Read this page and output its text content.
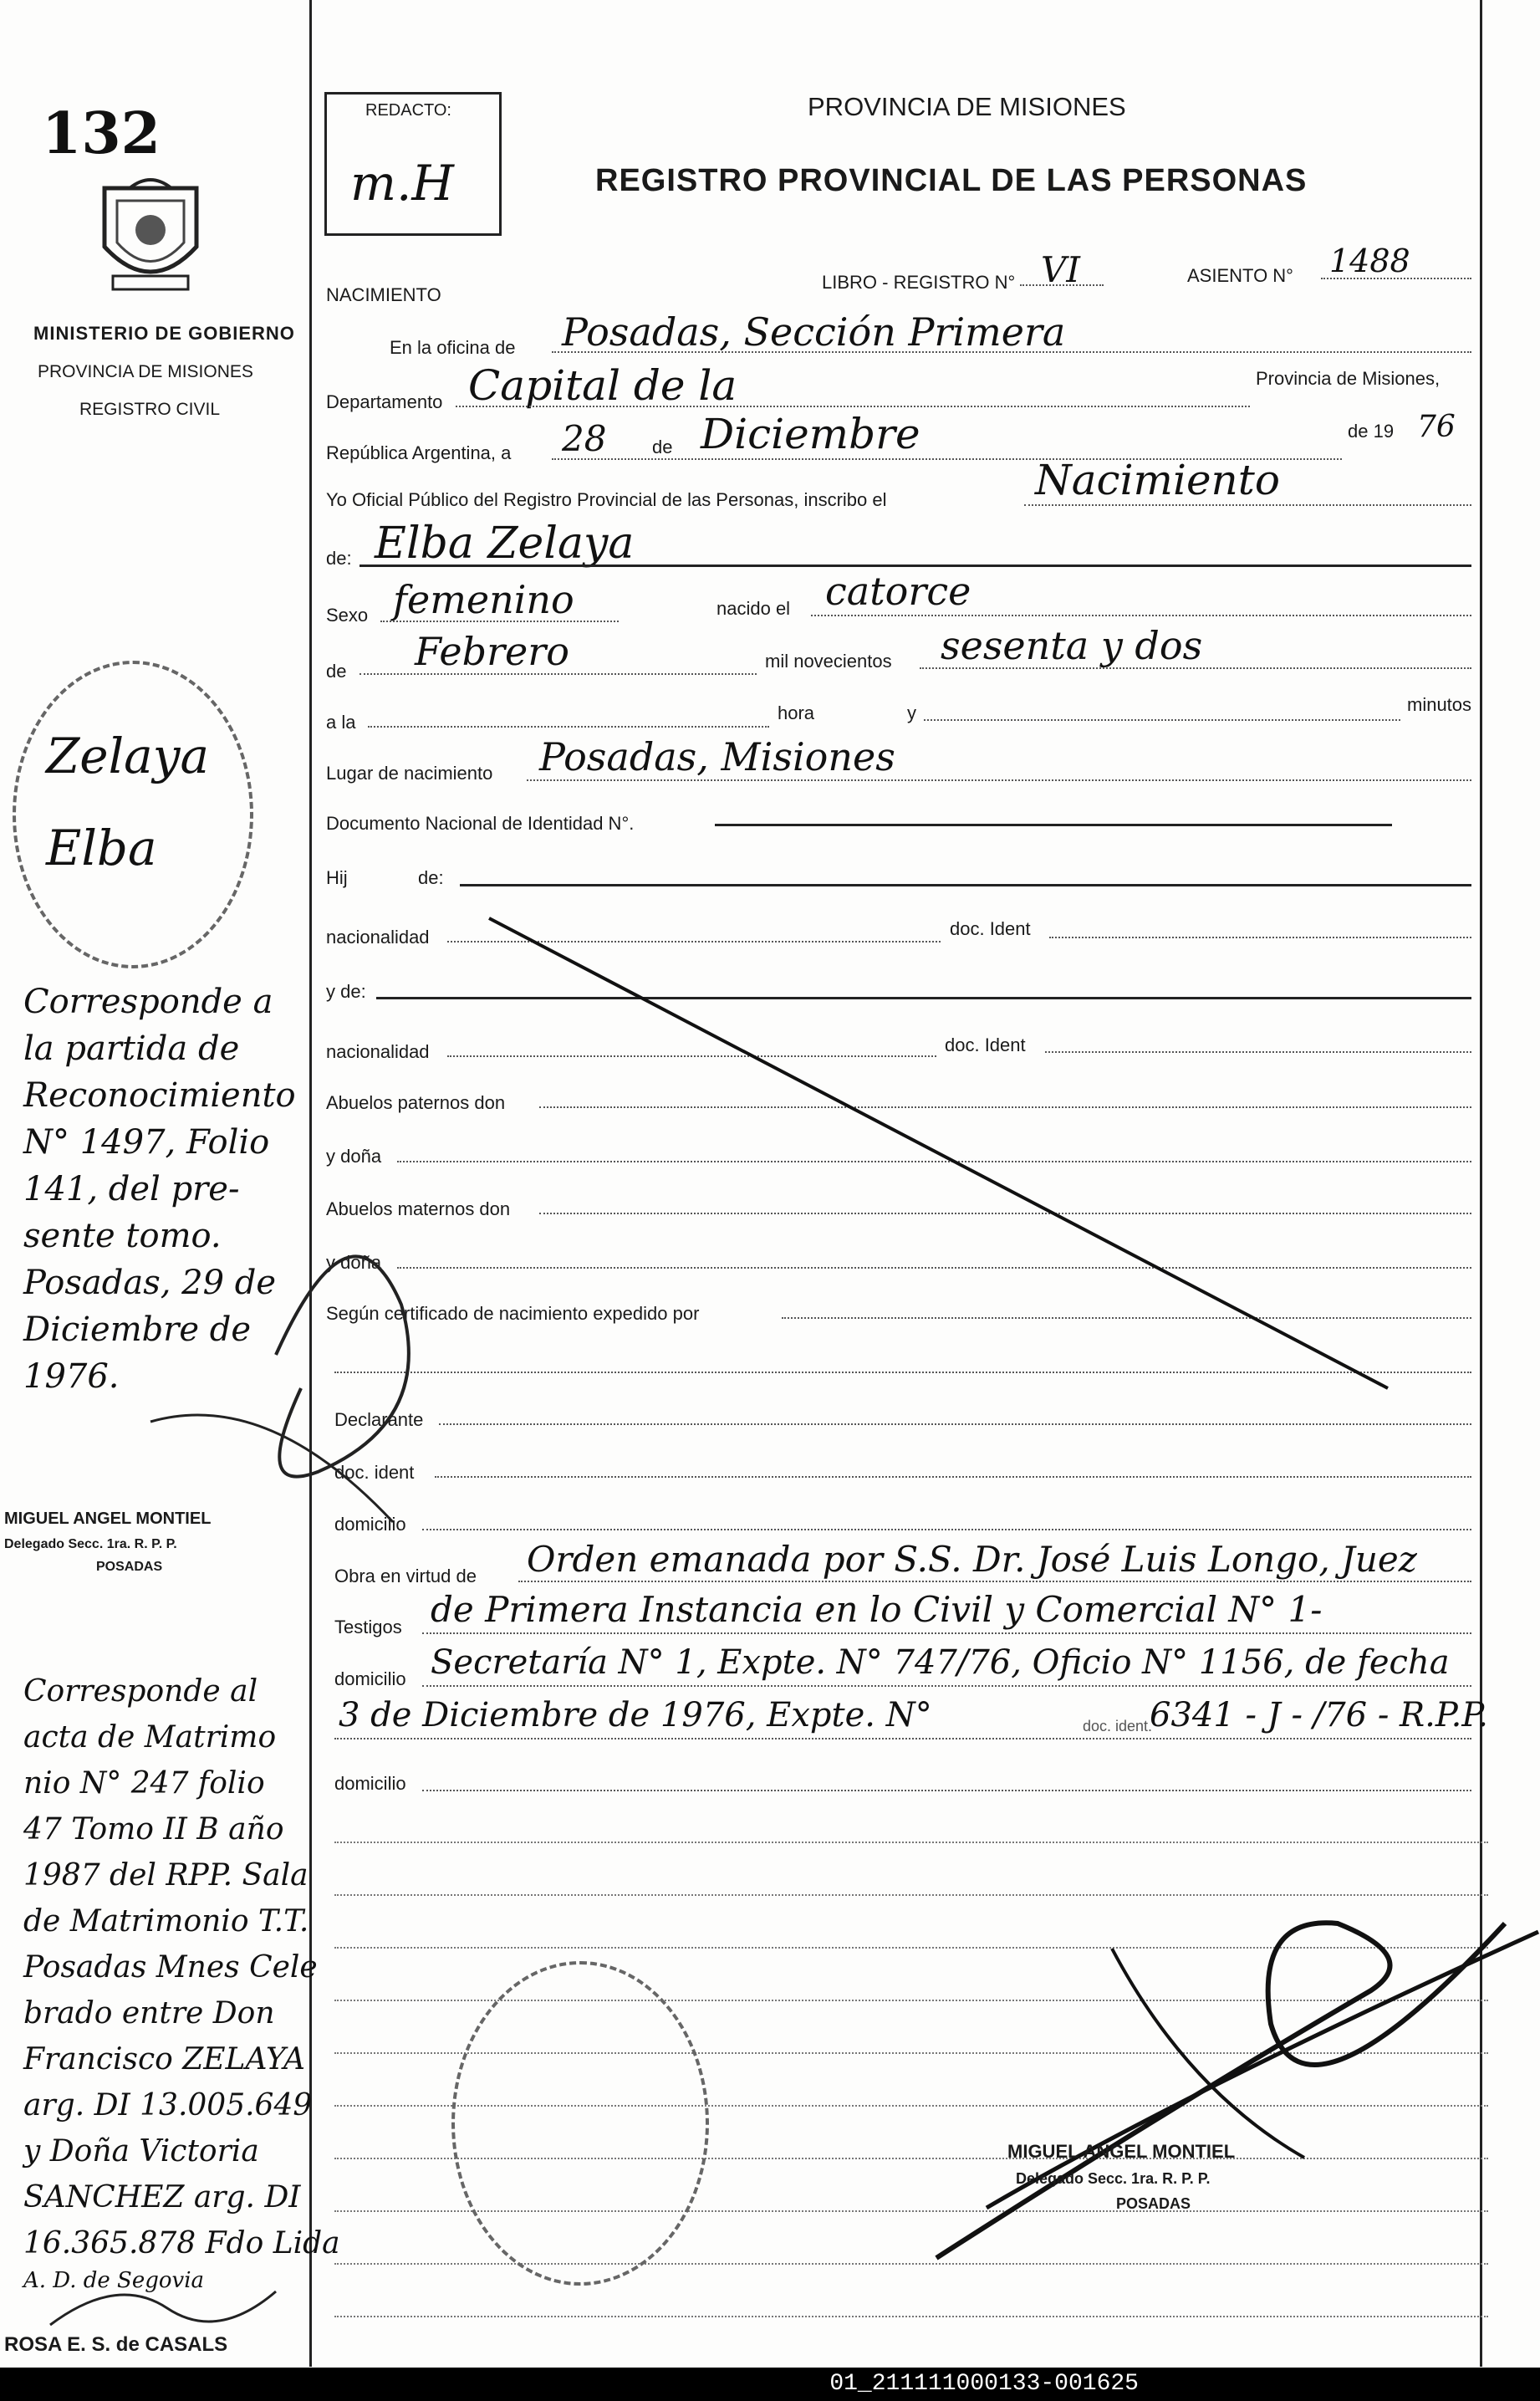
132
MINISTERIO DE GOBIERNO
PROVINCIA DE MISIONES
REGISTRO CIVIL
REDACTO:
m.H
PROVINCIA DE MISIONES
REGISTRO PROVINCIAL DE LAS PERSONAS
NACIMIENTO
LIBRO - REGISTRO N° VI	ASIENTO N° 1488
En la oficina de Posadas, Sección Primera
Departamento Capital de la	Provincia de Misiones,
República Argentina, a 28 de Diciembre	de 19 76
Yo Oficial Público del Registro Provincial de las Personas, inscribo el	Nacimiento
de: Elba Zelaya
Sexo femenino	nacido el catorce
de Febrero	mil novecientos sesenta y dos
a la	hora	y	minutos
Lugar de nacimiento Posadas, Misiones
Documento Nacional de Identidad N°.
Hij	de:
nacionalidad	doc. Ident
y de:
nacionalidad	doc. Ident
Abuelos paternos don
y doña
Abuelos maternos don
y doña
Según certificado de nacimiento expedido por
Declarante
doc. ident
domicilio
Obra en virtud de Orden emanada por S.S. Dr. José Luis Longo, Juez
Testigos de Primera Instancia en lo Civil y Comercial N° 1-
domicilio Secretaría N° 1, Expte. N° 747/76, Oficio N° 1156, de fecha
3 de Diciembre de 1976, Expte. N°	doc. ident.
6341 - J - /76 - R.P.P.
domicilio
Zelaya
Elba
Corresponde a
la partida de
Reconocimiento
N° 1497, Folio
141, del pre-
sente tomo.
Posadas, 29 de
Diciembre de
1976.
MIGUEL ANGEL MONTIEL
Delegado Secc. 1ra. R. P. P.
POSADAS
Corresponde al
acta de Matrimo
nio N° 247 folio
47 Tomo II B año
1987 del RPP. Sala
de Matrimonio T.T.
Posadas Mnes Cele
brado entre Don
Francisco ZELAYA
arg. DI 13.005.649
y Doña Victoria
SANCHEZ arg. DI
16.365.878 Fdo Lida
A. D. de Segovia
ROSA E. S. de CASALS
MIGUEL ANGEL MONTIEL
Delegado Secc. 1ra. R. P. P.
POSADAS
01_211111000133-001625
